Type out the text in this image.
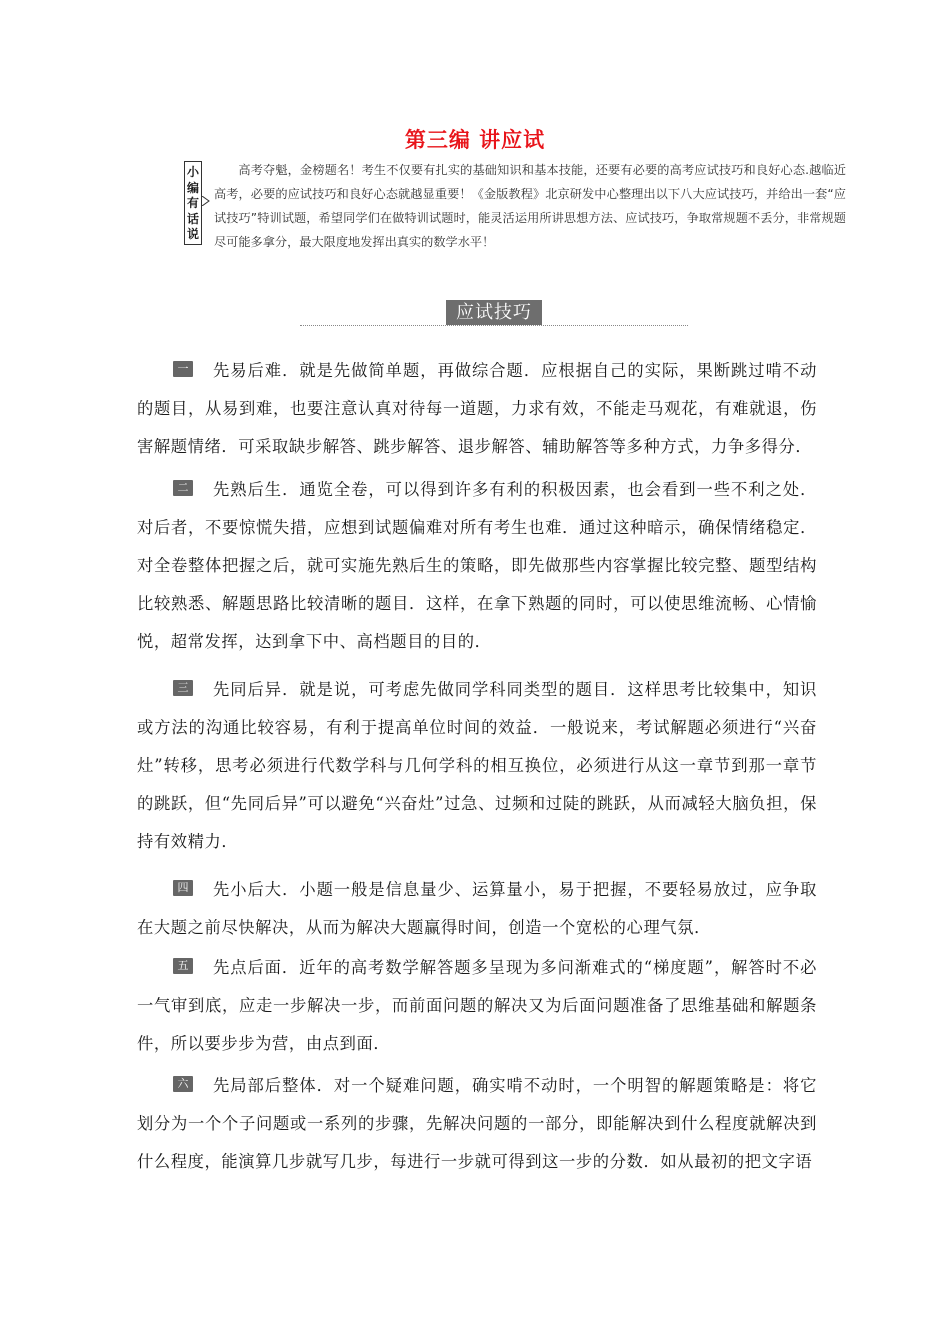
第三编 讲应试
小编有话说
高考夺魁，金榜题名！考生不仅要有扎实的基础知识和基本技能，还要有必要的高考应试技巧和良好心态.越临近高考，必要的应试技巧和良好心态就越显重要！《金版教程》北京研发中心整理出以下八大应试技巧，并给出一套“应试技巧”特训试题，希望同学们在做特训试题时，能灵活运用所讲思想方法、应试技巧，争取常规题不丢分，非常规题尽可能多拿分，最大限度地发挥出真实的数学水平！
应试技巧
一	先易后难．就是先做简单题，再做综合题．应根据自己的实际，果断跳过啃不动的题目，从易到难，也要注意认真对待每一道题，力求有效，不能走马观花，有难就退，伤害解题情绪．可采取缺步解答、跳步解答、退步解答、辅助解答等多种方式，力争多得分．
二	先熟后生．通览全卷，可以得到许多有利的积极因素，也会看到一些不利之处．对后者，不要惊慌失措，应想到试题偏难对所有考生也难．通过这种暗示，确保情绪稳定．对全卷整体把握之后，就可实施先熟后生的策略，即先做那些内容掌握比较完整、题型结构比较熟悉、解题思路比较清晰的题目．这样，在拿下熟题的同时，可以使思维流畅、心情愉悦，超常发挥，达到拿下中、高档题目的目的．
三	先同后异．就是说，可考虑先做同学科同类型的题目．这样思考比较集中，知识或方法的沟通比较容易，有利于提高单位时间的效益．一般说来，考试解题必须进行“兴奋灶”转移，思考必须进行代数学科与几何学科的相互换位，必须进行从这一章节到那一章节的跳跃，但“先同后异”可以避免“兴奋灶”过急、过频和过陡的跳跃，从而减轻大脑负担，保持有效精力．
四	先小后大．小题一般是信息量少、运算量小，易于把握，不要轻易放过，应争取在大题之前尽快解决，从而为解决大题赢得时间，创造一个宽松的心理气氛．
五	先点后面．近年的高考数学解答题多呈现为多问渐难式的“梯度题”，解答时不必一气审到底，应走一步解决一步，而前面问题的解决又为后面问题准备了思维基础和解题条件，所以要步步为营，由点到面．
六	先局部后整体．对一个疑难问题，确实啃不动时，一个明智的解题策略是：将它划分为一个个子问题或一系列的步骤，先解决问题的一部分，即能解决到什么程度就解决到什么程度，能演算几步就写几步，每进行一步就可得到这一步的分数．如从最初的把文字语
